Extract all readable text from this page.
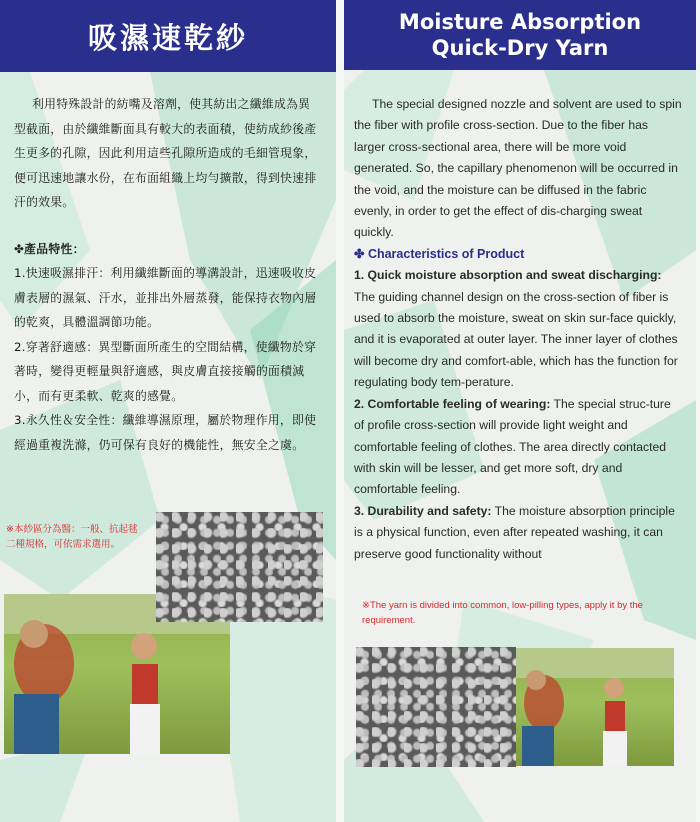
吸濕速乾紗

利用特殊設計的紡嘴及溶劑，使其紡出之纖維成為異型截面，由於纖維斷面具有較大的表面積，使紡成紗後產生更多的孔隙，因此利用這些孔隙所造成的毛細管現象，便可迅速地讓水份，在布面組織上均勻擴散，得到快速排汗的效果。

✤產品特性：

1.快速吸濕排汗：利用纖維斷面的導溝設計，迅速吸收皮膚表層的濕氣、汗水，並排出外層蒸發，能保持衣物內層的乾爽，具體溫調節功能。

2.穿著舒適感：異型斷面所產生的空間結構，使纖物於穿著時，變得更輕量與舒適感，與皮膚直接接觸的面積減小，而有更柔軟、乾爽的感覺。

3.永久性＆安全性：纖維導濕原理，屬於物理作用，即使經過重複洗滌，仍可保有良好的機能性，無安全之虞。

※本紗區分為醫：一般、抗起毬二種規格，可依需求選用。
Moisture Absorption
Quick-Dry Yarn

The special designed nozzle and solvent are used to spin the fiber with profile cross-section. Due to the fiber has larger cross-sectional area, there will be more void generated. So, the capillary phenomenon will be occurred in the void, and the moisture can be diffused in the fabric evenly, in order to get the effect of dis-charging sweat quickly.

✤ Characteristics of Product

1. Quick moisture absorption and sweat discharging: The guiding channel design on the cross-section of fiber is used to absorb the moisture, sweat on skin sur-face quickly, and it is evaporated at outer layer. The inner layer of clothes will become dry and comfort-able, which has the function for regulating body tem-perature.

2. Comfortable feeling of wearing: The special struc-ture of profile cross-section will provide light weight and comfortable feeling of clothes. The area directly contacted with skin will be lesser, and get more soft, dry and comfortable feeling.

3. Durability and safety: The moisture absorption principle is a physical function, even after repeated washing, it can preserve good functionality without

※The yarn is divided into common, low-pilling types, apply it by the requirement.
